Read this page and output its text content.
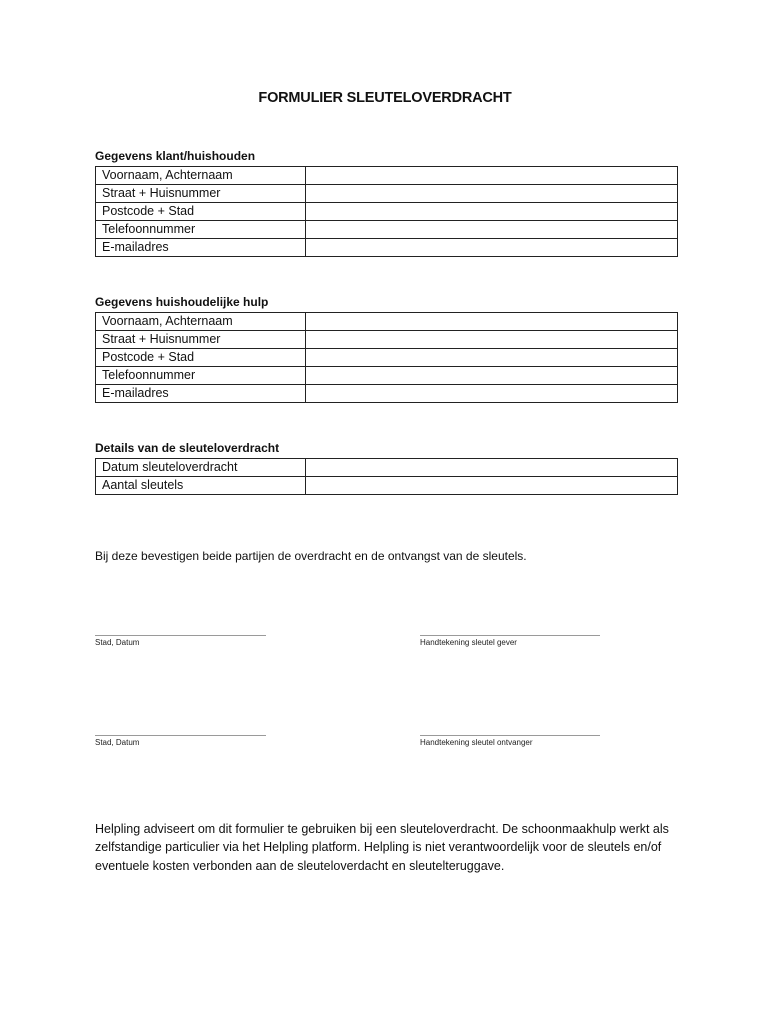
FORMULIER SLEUTELOVERDRACHT
Gegevens klant/huishouden
Voornaam, Achternaam	
Straat + Huisnummer	
Postcode + Stad	
Telefoonnummer	
E-mailadres	
Gegevens huishoudelijke hulp
Voornaam, Achternaam	
Straat + Huisnummer	
Postcode + Stad	
Telefoonnummer	
E-mailadres	
Details van de sleuteloverdracht
Datum sleuteloverdracht	
Aantal sleutels	
Bij deze bevestigen beide partijen de overdracht en de ontvangst van de sleutels.
Stad, Datum	Handtekening sleutel gever
Stad, Datum	Handtekening sleutel ontvanger
Helpling adviseert om dit formulier te gebruiken bij een sleuteloverdracht. De schoonmaakhulp werkt als zelfstandige particulier via het Helpling platform. Helpling is niet verantwoordelijk voor de sleutels en/of eventuele kosten verbonden aan de sleuteloverdacht en sleutelteruggave.
